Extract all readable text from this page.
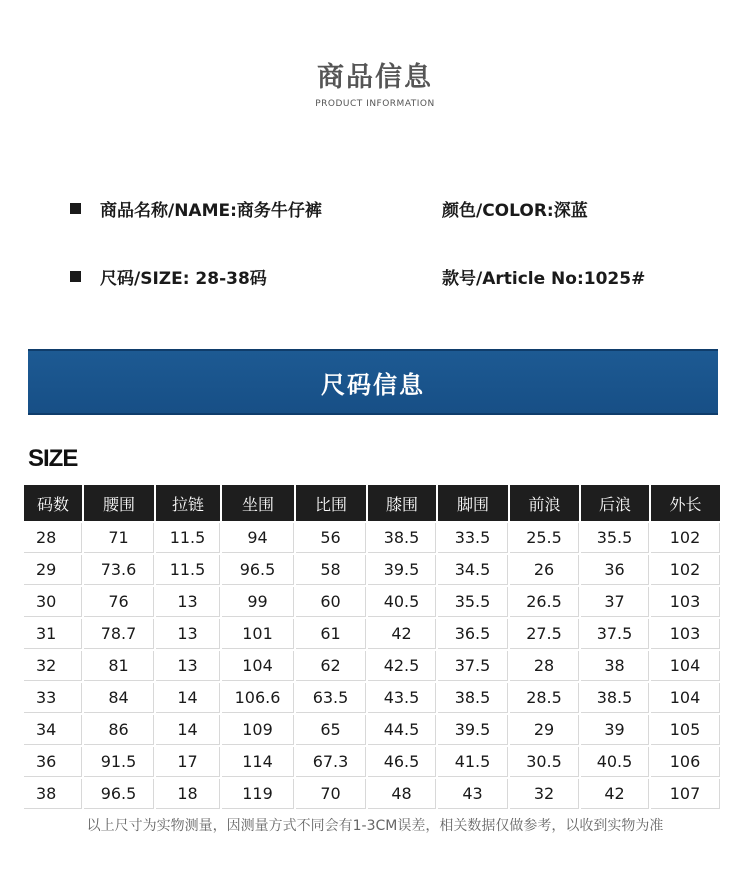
商品信息
PRODUCT INFORMATION
商品名称/NAME:商务牛仔裤	颜色/COLOR:深蓝
尺码/SIZE: 28-38码	款号/Article No:1025#
尺码信息
SIZE
码数	腰围	拉链	坐围	比围	膝围	脚围	前浪	后浪	外长
28	71	11.5	94	56	38.5	33.5	25.5	35.5	102
29	73.6	11.5	96.5	58	39.5	34.5	26	36	102
30	76	13	99	60	40.5	35.5	26.5	37	103
31	78.7	13	101	61	42	36.5	27.5	37.5	103
32	81	13	104	62	42.5	37.5	28	38	104
33	84	14	106.6	63.5	43.5	38.5	28.5	38.5	104
34	86	14	109	65	44.5	39.5	29	39	105
36	91.5	17	114	67.3	46.5	41.5	30.5	40.5	106
38	96.5	18	119	70	48	43	32	42	107
以上尺寸为实物测量，因测量方式不同会有1-3CM误差，相关数据仅做参考，以收到实物为准
